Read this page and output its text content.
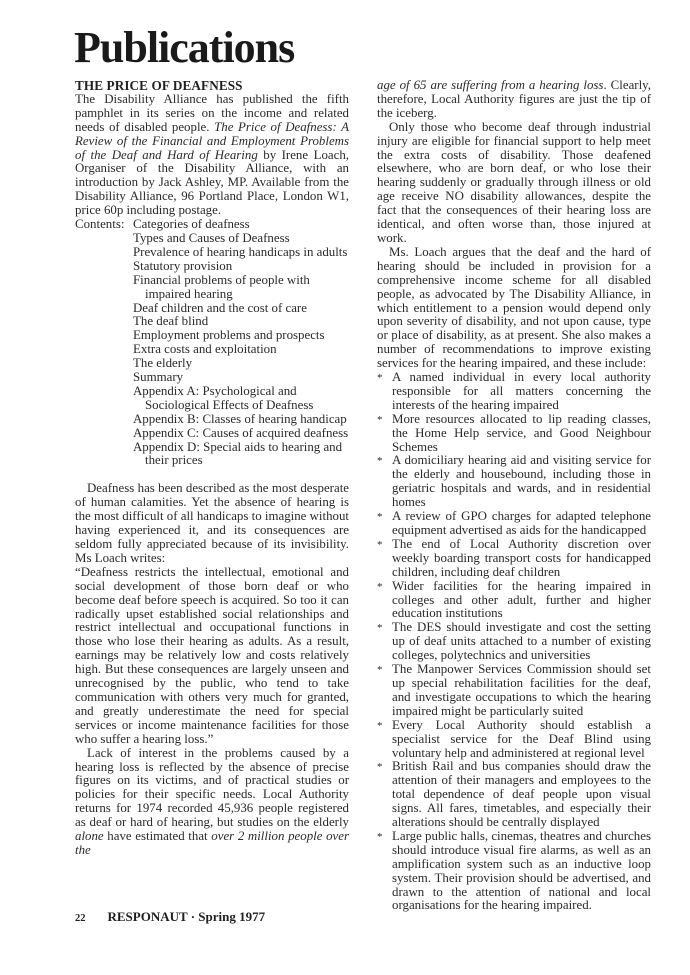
Publications

THE PRICE OF DEAFNESS

The Disability Alliance has published the fifth pamphlet in its series on the income and related needs of disabled people. The Price of Deafness: A Review of the Financial and Employment Problems of the Deaf and Hard of Hearing by Irene Loach, Organiser of the Disability Alliance, with an introduction by Jack Ashley, MP. Available from the Disability Alliance, 96 Portland Place, London W1, price 60p including postage.

Contents: Categories of deafness
Types and Causes of Deafness
Prevalence of hearing handicaps in adults
Statutory provision
Financial problems of people with impaired hearing
Deaf children and the cost of care
The deaf blind
Employment problems and prospects
Extra costs and exploitation
The elderly
Summary
Appendix A: Psychological and Sociological Effects of Deafness
Appendix B: Classes of hearing handicap
Appendix C: Causes of acquired deafness
Appendix D: Special aids to hearing and their prices

Deafness has been described as the most desperate of human calamities. Yet the absence of hearing is the most difficult of all handicaps to imagine without having experienced it, and its consequences are seldom fully appreciated because of its invisibility. Ms Loach writes:

“Deafness restricts the intellectual, emotional and social development of those born deaf or who become deaf before speech is acquired. So too it can radically upset established social relationships and restrict intellectual and occupational functions in those who lose their hearing as adults. As a result, earnings may be relatively low and costs relatively high. But these consequences are largely unseen and unrecognised by the public, who tend to take communication with others very much for granted, and greatly underestimate the need for special services or income maintenance facilities for those who suffer a hearing loss.”

Lack of interest in the problems caused by a hearing loss is reflected by the absence of precise figures on its victims, and of practical studies or policies for their specific needs. Local Authority returns for 1974 recorded 45,936 people registered as deaf or hard of hearing, but studies on the elderly alone have estimated that over 2 million people over the

age of 65 are suffering from a hearing loss. Clearly, therefore, Local Authority figures are just the tip of the iceberg.

Only those who become deaf through industrial injury are eligible for financial support to help meet the extra costs of disability. Those deafened elsewhere, who are born deaf, or who lose their hearing suddenly or gradually through illness or old age receive NO disability allowances, despite the fact that the consequences of their hearing loss are identical, and often worse than, those injured at work.

Ms. Loach argues that the deaf and the hard of hearing should be included in provision for a comprehensive income scheme for all disabled people, as advocated by The Disability Alliance, in which entitlement to a pension would depend only upon severity of disability, and not upon cause, type or place of disability, as at present. She also makes a number of recommendations to improve existing services for the hearing impaired, and these include:

* A named individual in every local authority responsible for all matters concerning the interests of the hearing impaired
* More resources allocated to lip reading classes, the Home Help service, and Good Neighbour Schemes
* A domiciliary hearing aid and visiting service for the elderly and housebound, including those in geriatric hospitals and wards, and in residential homes
* A review of GPO charges for adapted telephone equipment advertised as aids for the handicapped
* The end of Local Authority discretion over weekly boarding transport costs for handicapped children, including deaf children
* Wider facilities for the hearing impaired in colleges and other adult, further and higher education institutions
* The DES should investigate and cost the setting up of deaf units attached to a number of existing colleges, polytechnics and universities
* The Manpower Services Commission should set up special rehabilitation facilities for the deaf, and investigate occupations to which the hearing impaired might be particularly suited
* Every Local Authority should establish a specialist service for the Deaf Blind using voluntary help and administered at regional level
* British Rail and bus companies should draw the attention of their managers and employees to the total dependence of deaf people upon visual signs. All fares, timetables, and especially their alterations should be centrally displayed
* Large public halls, cinemas, theatres and churches should introduce visual fire alarms, as well as an amplification system such as an inductive loop system. Their provision should be advertised, and drawn to the attention of national and local organisations for the hearing impaired.
22 RESPONAUT · Spring 1977
